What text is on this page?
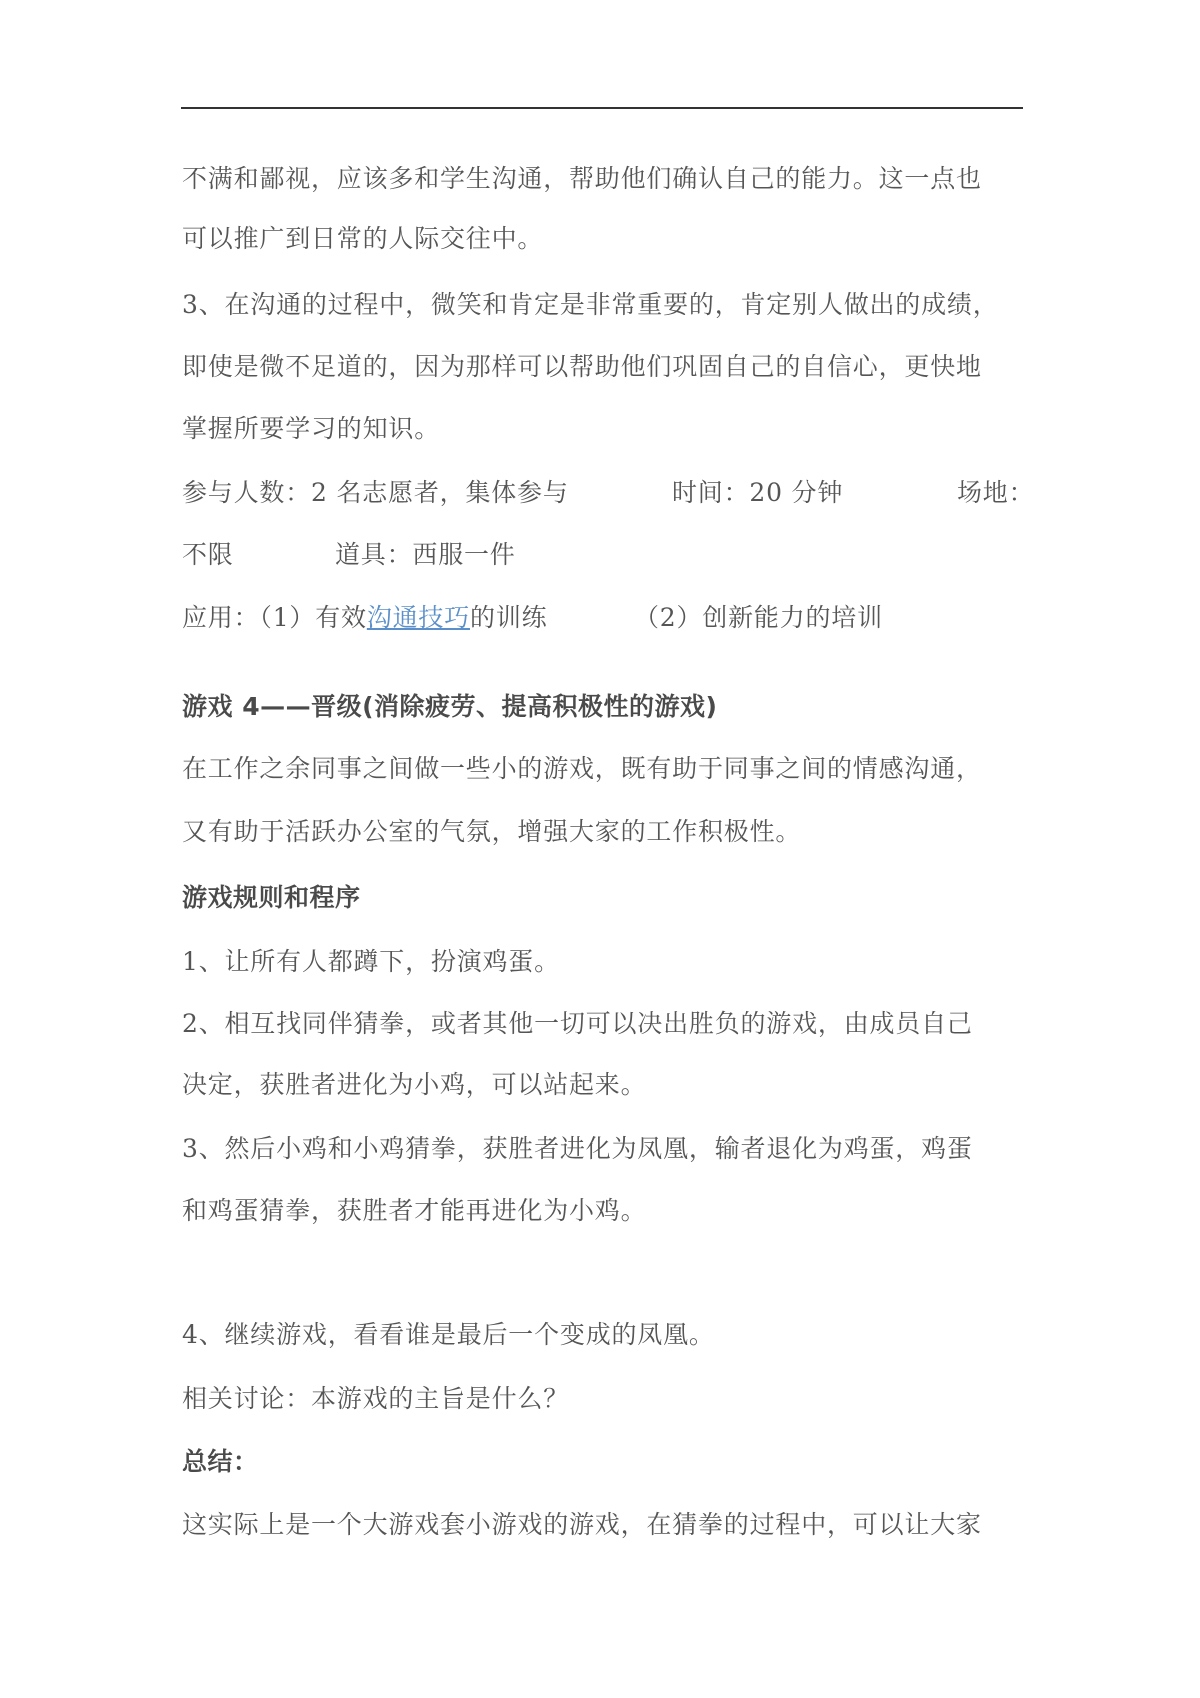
不满和鄙视，应该多和学生沟通，帮助他们确认自己的能力。这一点也

可以推广到日常的人际交往中。

3、在沟通的过程中，微笑和肯定是非常重要的，肯定别人做出的成绩，

即使是微不足道的，因为那样可以帮助他们巩固自己的自信心，更快地

掌握所要学习的知识。

参与人数：2 名志愿者，集体参与	时间：20 分钟	场地：
不限	道具：西服一件
应用：（1）有效沟通技巧的训练	（2）创新能力的培训

游戏 4——晋级(消除疲劳、提高积极性的游戏)

在工作之余同事之间做一些小的游戏，既有助于同事之间的情感沟通，

又有助于活跃办公室的气氛，增强大家的工作积极性。

游戏规则和程序

1、让所有人都蹲下，扮演鸡蛋。

2、相互找同伴猜拳，或者其他一切可以决出胜负的游戏，由成员自己

决定，获胜者进化为小鸡，可以站起来。

3、然后小鸡和小鸡猜拳，获胜者进化为凤凰，输者退化为鸡蛋，鸡蛋

和鸡蛋猜拳，获胜者才能再进化为小鸡。

4、继续游戏，看看谁是最后一个变成的凤凰。

相关讨论：本游戏的主旨是什么？

总结：

这实际上是一个大游戏套小游戏的游戏，在猜拳的过程中，可以让大家
